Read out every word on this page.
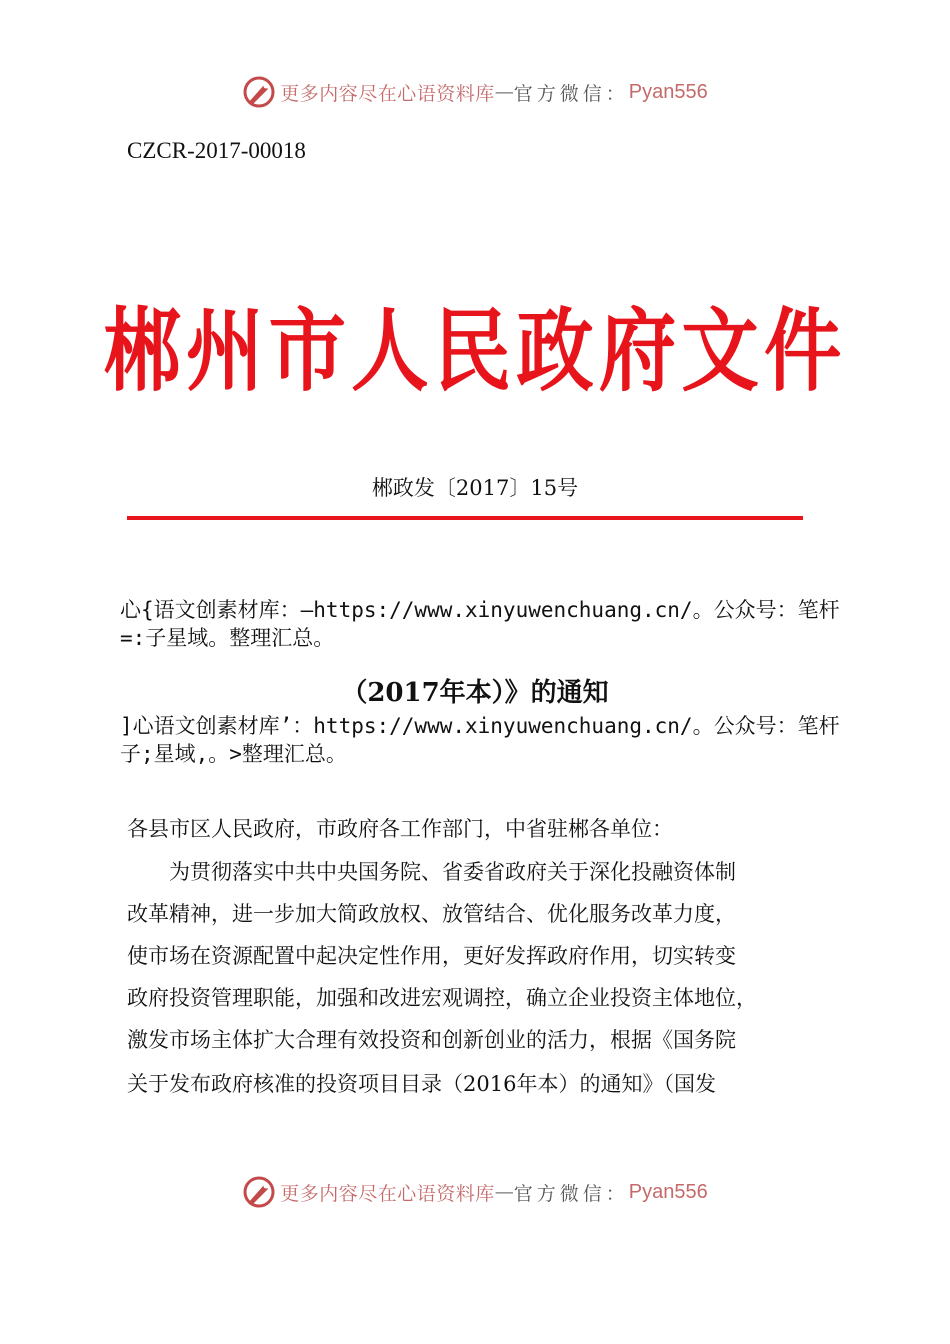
更多内容尽在心语资料库 — 官方微信： Pyan556
CZCR-2017-00018
郴州市人民政府文件
郴政发〔2017〕15号
心{语文创素材库：—https://www.xinyuwenchuang.cn/。公众号：笔杆
=:子星域。整理汇总。
（2017年本）》的通知
]心语文创素材库’：https://www.xinyuwenchuang.cn/。公众号：笔杆
子;星域,。>整理汇总。
各县市区人民政府，市政府各工作部门，中省驻郴各单位：
为贯彻落实中共中央国务院、省委省政府关于深化投融资体制
改革精神，进一步加大简政放权、放管结合、优化服务改革力度，
使市场在资源配置中起决定性作用，更好发挥政府作用，切实转变
政府投资管理职能，加强和改进宏观调控，确立企业投资主体地位，
激发市场主体扩大合理有效投资和创新创业的活力，根据《国务院
关于发布政府核准的投资项目目录（2016年本）的通知》（国发
更多内容尽在心语资料库 — 官方微信： Pyan556
